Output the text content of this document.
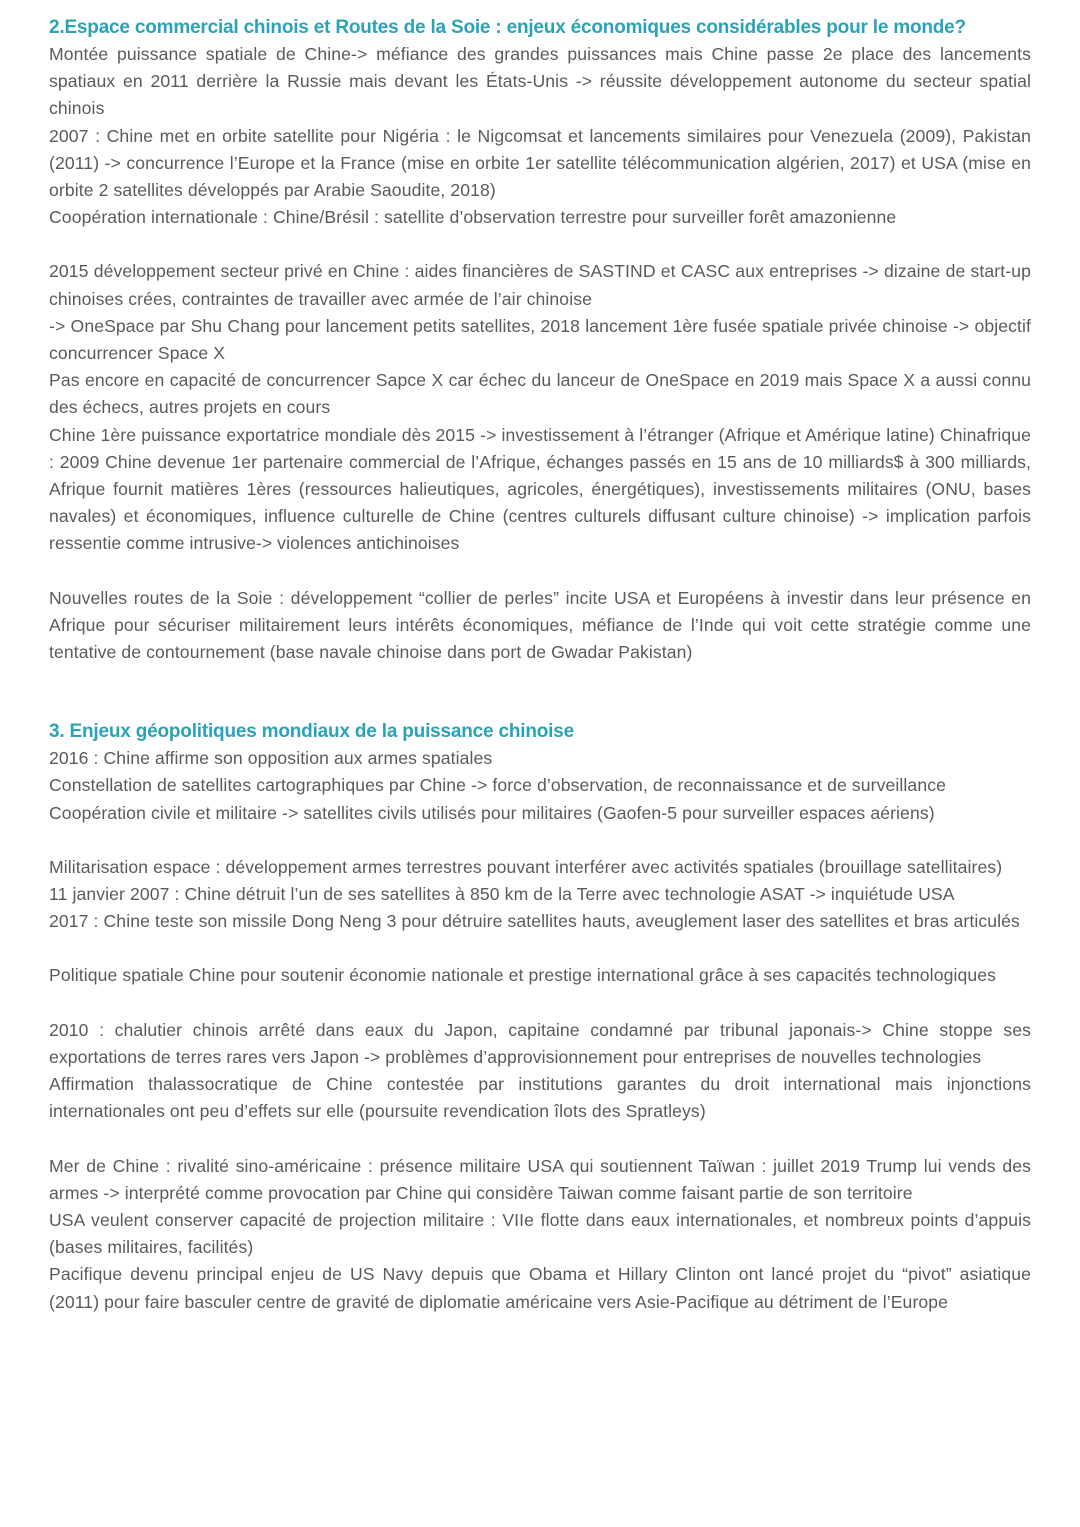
2.Espace commercial chinois et Routes de la Soie : enjeux économiques considérables pour le monde?

Montée puissance spatiale de Chine-> méfiance des grandes puissances mais Chine passe 2e place des lancements spatiaux en 2011 derrière la Russie mais devant les États-Unis -> réussite développement autonome du secteur spatial chinois

2007 : Chine met en orbite satellite pour Nigéria : le Nigcomsat et lancements similaires pour Venezuela (2009), Pakistan (2011) -> concurrence l’Europe et la France (mise en orbite 1er satellite télécommunication algérien, 2017) et USA (mise en orbite 2 satellites développés par Arabie Saoudite, 2018)

Coopération internationale : Chine/Brésil : satellite d’observation terrestre pour surveiller forêt amazonienne

2015 développement secteur privé en Chine : aides financières de SASTIND et CASC aux entreprises -> dizaine de start-up chinoises crées, contraintes de travailler avec armée de l’air chinoise

-> OneSpace par Shu Chang pour lancement petits satellites, 2018 lancement 1ère fusée spatiale privée chinoise -> objectif concurrencer Space X

Pas encore en capacité de concurrencer Sapce X car échec du lanceur de OneSpace en 2019 mais Space X a aussi connu des échecs, autres projets en cours

Chine 1ère puissance exportatrice mondiale dès 2015 -> investissement à l’étranger (Afrique et Amérique latine) Chinafrique : 2009 Chine devenue 1er partenaire commercial de l’Afrique, échanges passés en 15 ans de 10 milliards$ à 300 milliards, Afrique fournit matières 1ères (ressources halieutiques, agricoles, énergétiques), investissements militaires (ONU, bases navales) et économiques, influence culturelle de Chine (centres culturels diffusant culture chinoise) -> implication parfois ressentie comme intrusive-> violences antichinoises

Nouvelles routes de la Soie : développement “collier de perles” incite USA et Européens à investir dans leur présence en Afrique pour sécuriser militairement leurs intérêts économiques, méfiance de l’Inde qui voit cette stratégie comme une tentative de contournement (base navale chinoise dans port de Gwadar Pakistan)

3. Enjeux géopolitiques mondiaux de la puissance chinoise

2016 : Chine affirme son opposition aux armes spatiales

Constellation de satellites cartographiques par Chine -> force d’observation, de reconnaissance et de surveillance

Coopération civile et militaire -> satellites civils utilisés pour militaires (Gaofen-5 pour surveiller espaces aériens)

Militarisation espace : développement armes terrestres pouvant interférer avec activités spatiales (brouillage satellitaires)

11 janvier 2007 : Chine détruit l’un de ses satellites à 850 km de la Terre avec technologie ASAT -> inquiétude USA

2017 : Chine teste son missile Dong Neng 3 pour détruire satellites hauts, aveuglement laser des satellites et bras articulés

Politique spatiale Chine pour soutenir économie nationale et prestige international grâce à ses capacités technologiques

2010 : chalutier chinois arrêté dans eaux du Japon, capitaine condamné par tribunal japonais-> Chine stoppe ses exportations de terres rares vers Japon -> problèmes d’approvisionnement pour entreprises de nouvelles technologies

Affirmation thalassocratique de Chine contestée par institutions garantes du droit international mais injonctions internationales ont peu d’effets sur elle (poursuite revendication îlots des Spratleys)

Mer de Chine : rivalité sino-américaine : présence militaire USA qui soutiennent Taïwan : juillet 2019 Trump lui vends des armes -> interprété comme provocation par Chine qui considère Taiwan comme faisant partie de son territoire

USA veulent conserver capacité de projection militaire : VIIe flotte dans eaux internationales, et nombreux points d’appuis (bases militaires, facilités)

Pacifique devenu principal enjeu de US Navy depuis que Obama et Hillary Clinton ont lancé projet du “pivot” asiatique (2011) pour faire basculer centre de gravité de diplomatie américaine vers Asie-Pacifique au détriment de l’Europe
